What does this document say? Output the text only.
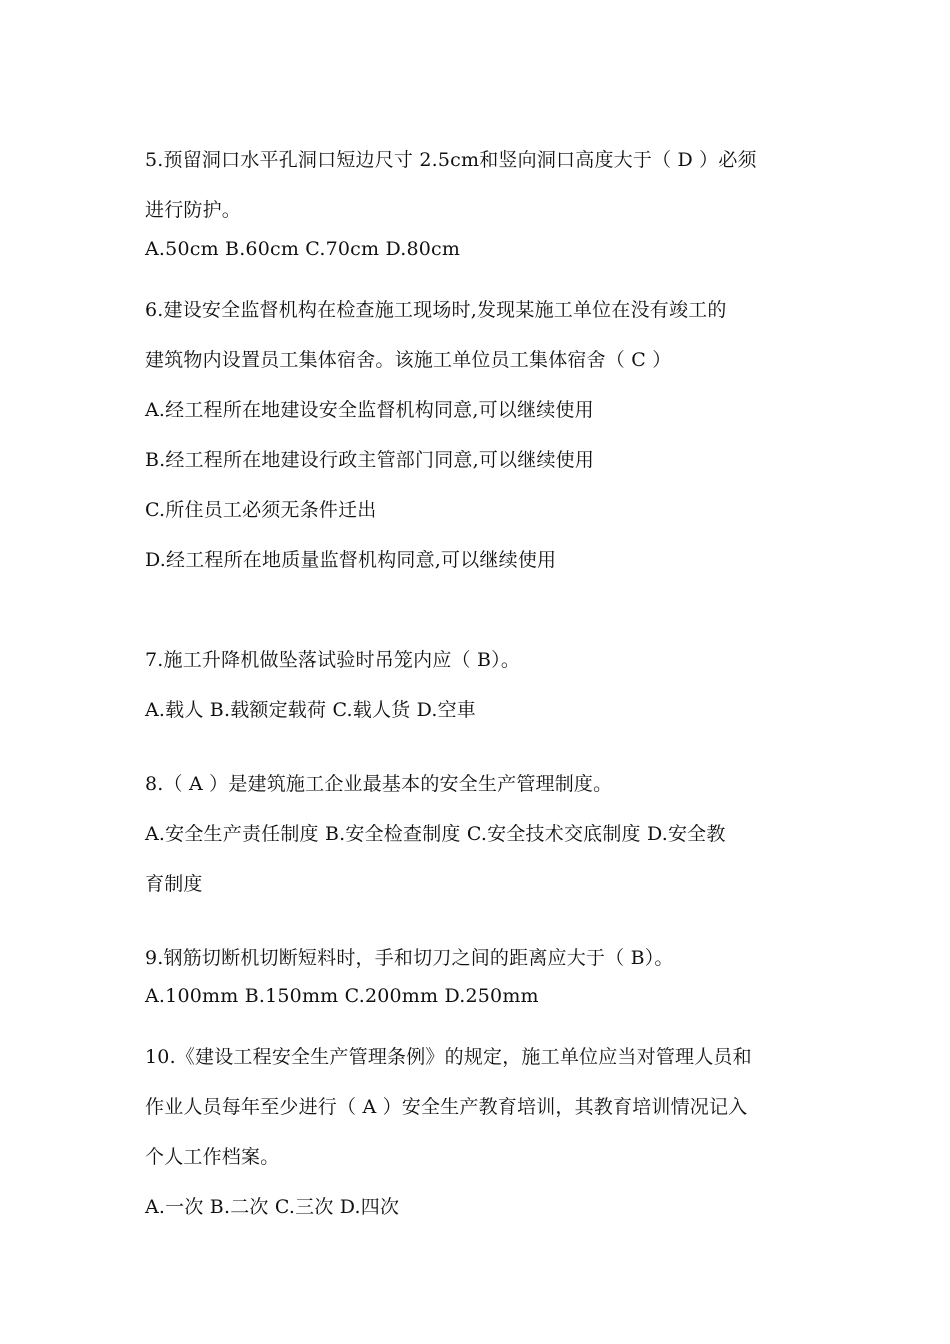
5.预留洞口水平孔洞口短边尺寸 2.5cm和竖向洞口高度大于（ D ）必须
进行防护。
A.50cm B.60cm C.70cm D.80cm
6.建设安全监督机构在检查施工现场时,发现某施工单位在没有竣工的
建筑物内设置员工集体宿舍。该施工单位员工集体宿舍（ C ）
A.经工程所在地建设安全监督机构同意,可以继续使用
B.经工程所在地建设行政主管部门同意,可以继续使用
C.所住员工必须无条件迁出
D.经工程所在地质量监督机构同意,可以继续使用
7.施工升降机做坠落试验时吊笼内应（ B）。
A.载人 B.载额定载荷 C.载人货 D.空車
8.（ A ）是建筑施工企业最基本的安全生产管理制度。
A.安全生产责任制度 B.安全检查制度 C.安全技术交底制度 D.安全教
育制度
9.钢筋切断机切断短料时，手和切刀之间的距离应大于（ B）。
A.100mm B.150mm C.200mm D.250mm
10.《建设工程安全生产管理条例》的规定，施工单位应当对管理人员和
作业人员每年至少进行（ A ）安全生产教育培训，其教育培训情况记入
个人工作档案。
A.一次 B.二次 C.三次 D.四次
